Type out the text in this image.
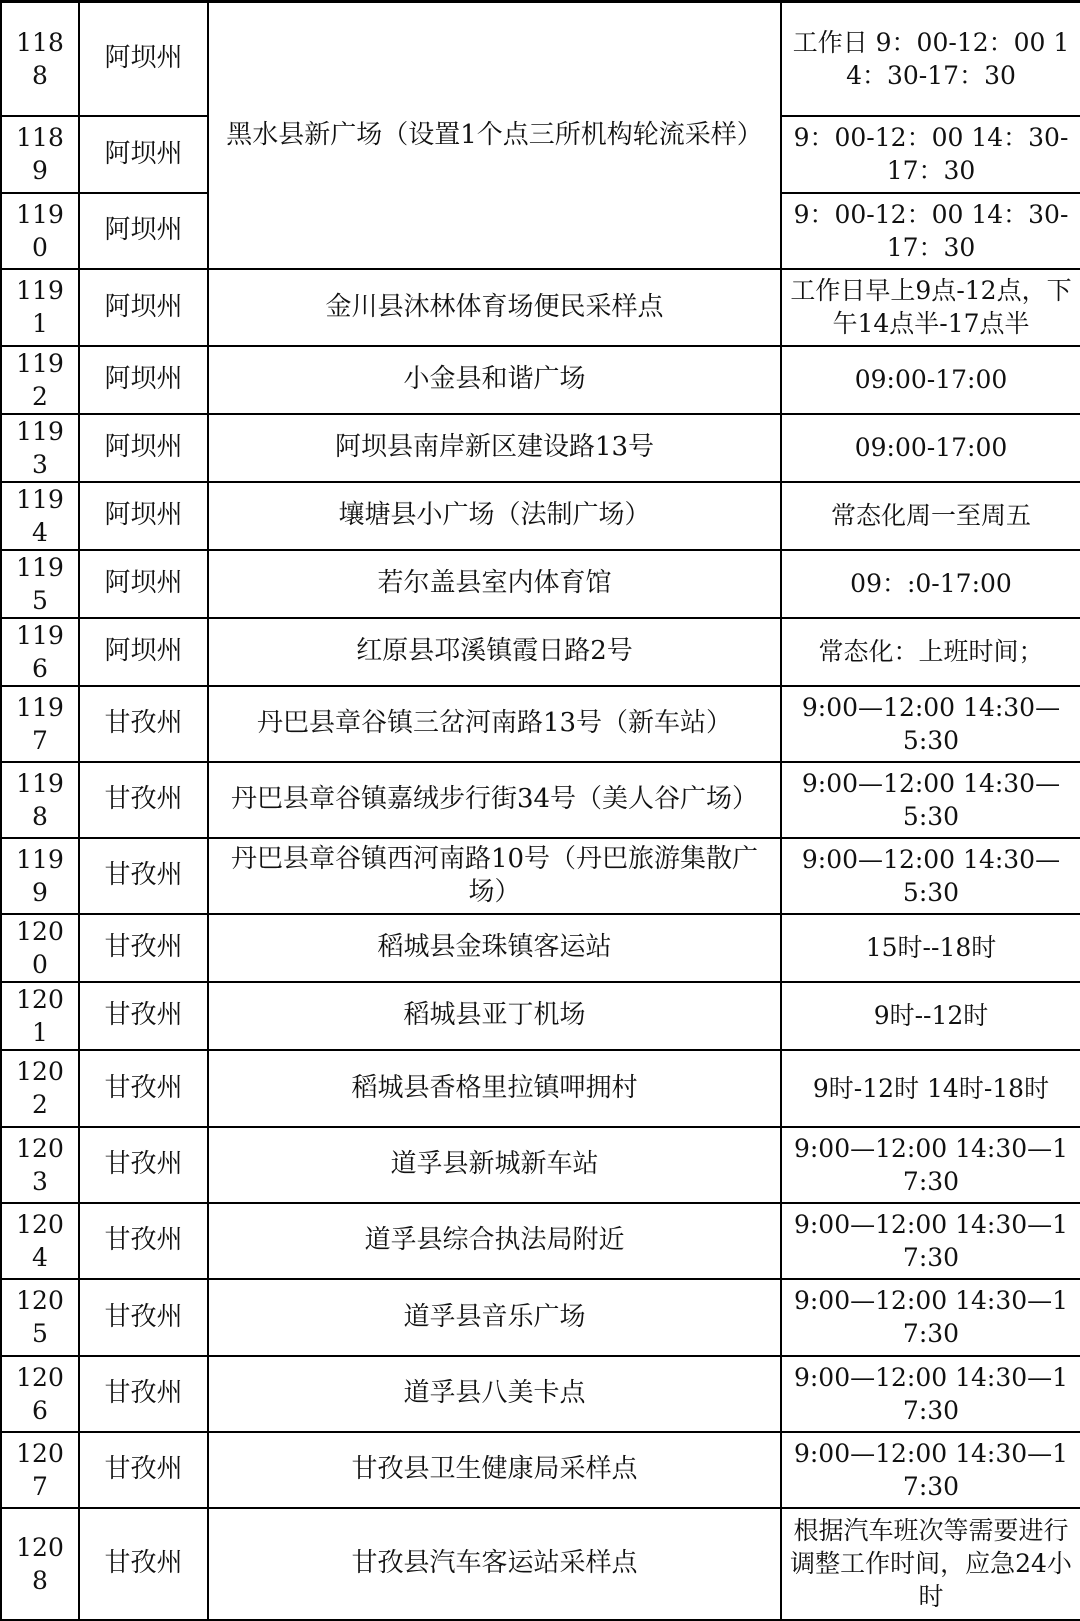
1188	阿坝州	黑水县新广场（设置1个点三所机构轮流采样）	工作日 9：00-12：00 14：30-17：30
1189	阿坝州		9：00-12：00 14：30-17：30
1190	阿坝州		9：00-12：00 14：30-17：30
1191	阿坝州	金川县沐林体育场便民采样点	工作日早上9点-12点，下午14点半-17点半
1192	阿坝州	小金县和谐广场	09:00-17:00
1193	阿坝州	阿坝县南岸新区建设路13号	09:00-17:00
1194	阿坝州	壤塘县小广场（法制广场）	常态化周一至周五
1195	阿坝州	若尔盖县室内体育馆	09：:0-17:00
1196	阿坝州	红原县邛溪镇霞日路2号	常态化：上班时间；
1197	甘孜州	丹巴县章谷镇三岔河南路13号（新车站）	9:00—12:00 14:30—5:30
1198	甘孜州	丹巴县章谷镇嘉绒步行街34号（美人谷广场）	9:00—12:00 14:30—5:30
1199	甘孜州	丹巴县章谷镇西河南路10号（丹巴旅游集散广场）	9:00—12:00 14:30—5:30
1200	甘孜州	稻城县金珠镇客运站	15时--18时
1201	甘孜州	稻城县亚丁机场	9时--12时
1202	甘孜州	稻城县香格里拉镇呷拥村	9时-12时 14时-18时
1203	甘孜州	道孚县新城新车站	9:00—12:00 14:30—17:30
1204	甘孜州	道孚县综合执法局附近	9:00—12:00 14:30—17:30
1205	甘孜州	道孚县音乐广场	9:00—12:00 14:30—17:30
1206	甘孜州	道孚县八美卡点	9:00—12:00 14:30—17:30
1207	甘孜州	甘孜县卫生健康局采样点	9:00—12:00 14:30—17:30
1208	甘孜州	甘孜县汽车客运站采样点	根据汽车班次等需要进行调整工作时间，应急24小时
